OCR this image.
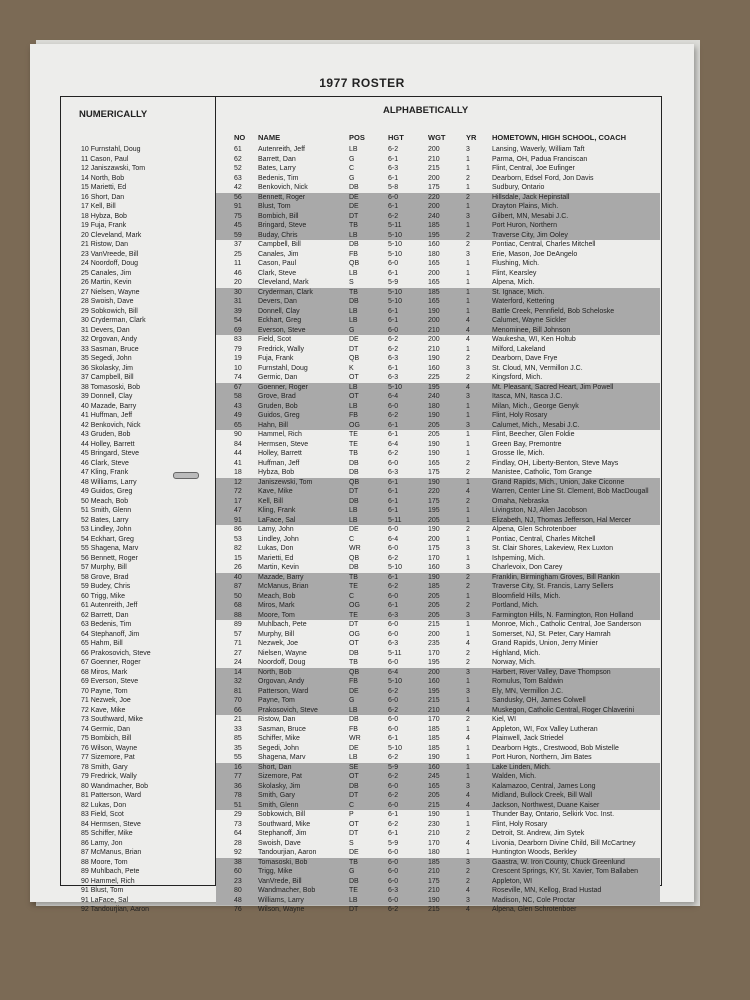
1977 ROSTER
NUMERICALLY	ALPHABETICALLY
NO	NAME	POS	HGT	WGT	YR HOMETOWN, HIGH SCHOOL, COACH
10 Furnstahl, Doug
11 Cason, Paul
12 Janiszawski, Tom
14 North, Bob
15 Marietti, Ed
16 Short, Dan
17 Kell, Bill
18 Hybza, Bob
19 Fuja, Frank
20 Cleveland, Mark
21 Ristow, Dan
23 VanVreede, Bill
24 Noordoff, Doug
25 Canales, Jim
26 Martin, Kevin
27 Nielsen, Wayne
28 Swoish, Dave
29 Sobkowich, Bill
30 Cryderman, Clark
31 Devers, Dan
32 Orgovan, Andy
33 Sasman, Bruce
35 Segedi, John
36 Skolasky, Jim
37 Campbell, Bill
38 Tomasoski, Bob
39 Donnell, Clay
40 Mazade, Barry
41 Huffman, Jeff
42 Benkovich, Nick
43 Gruden, Bob
44 Holley, Barrett
45 Bringard, Steve
46 Clark, Steve
47 Kling, Frank
48 Williams, Larry
49 Guidos, Greg
50 Meach, Bob
51 Smith, Glenn
52 Bates, Larry
53 Lindley, John
54 Eckhart, Greg
55 Shagena, Marv
56 Bennett, Roger
57 Murphy, Bill
58 Grove, Brad
59 Budey, Chris
60 Trigg, Mike
61 Autenreith, Jeff
62 Barrett, Dan
63 Bedenis, Tim
64 Stephanoff, Jim
65 Hahm, Bill
66 Prakosovich, Steve
67 Goenner, Roger
68 Miros, Mark
69 Everson, Steve
70 Payne, Tom
71 Nezwek, Joe
72 Kave, Mike
73 Southward, Mike
74 Germic, Dan
75 Bombich, Bill
76 Wilson, Wayne
77 Sizemore, Pat
78 Smith, Gary
79 Fredrick, Wally
80 Wandmacher, Bob
81 Patterson, Ward
82 Lukas, Don
83 Field, Scot
84 Hermsen, Steve
85 Schiffer, Mike
86 Lamy, Jon
87 McManus, Brian
88 Moore, Tom
89 Muhlbach, Pete
90 Hammel, Rich
91 Blust, Tom
91 LaFace, Sal
92 Tandourjian, Aaron
61	Autenreith, Jeff	LB	6-2	200	3	Lansing, Waverly, William Taft
62	Barrett, Dan	G	6-1	210	1	Parma, OH, Padua Franciscan
52	Bates, Larry	C	6-3	215	1	Flint, Central, Joe Eufinger
63	Bedenis, Tim	G	6-1	200	2	Dearborn, Edsel Ford, Jon Davis
42	Benkovich, Nick	DB	5-8	175	1	Sudbury, Ontario
56	Bennett, Roger	DE	6-0	220	2	Hillsdale, Jack Hepinstall
91	Blust, Tom	DE	6-1	200	1	Drayton Plains, Mich.
75	Bombich, Bill	DT	6-2	240	3	Gilbert, MN, Mesabi J.C.
45	Bringard, Steve	TB	5-11	185	1	Port Huron, Northern
59	Buday, Chris	LB	5-10	195	2	Traverse City, Jim Ooley
37	Campbell, Bill	DB	5-10	160	2	Pontiac, Central, Charles Mitchell
25	Canales, Jim	FB	5-10	180	3	Erie, Mason, Joe DeAngelo
11	Cason, Paul	QB	6-0	165	1	Flushing, Mich.
46	Clark, Steve	LB	6-1	200	1	Flint, Kearsley
20	Cleveland, Mark	S	5-9	165	1	Alpena, Mich.
30	Cryderman, Clark	TB	5-10	185	1	St. Ignace, Mich.
31	Devers, Dan	DB	5-10	165	1	Waterford, Kettering
39	Donnell, Clay	LB	6-1	190	1	Battle Creek, Pennfield, Bob Scheloske
54	Eckhart, Greg	LB	6-1	200	4	Calumet, Wayne Sickler
69	Everson, Steve	G	6-0	210	4	Menominee, Bill Johnson
83	Field, Scot	DE	6-2	200	4	Waukesha, WI, Ken Holtub
79	Fredrick, Wally	DT	6-2	210	1	Milford, Lakeland
19	Fuja, Frank	QB	6-3	190	2	Dearborn, Dave Frye
10	Furnstahl, Doug	K	6-1	160	3	St. Cloud, MN, Vermillon J.C.
74	Germic, Dan	OT	6-3	225	2	Kingsford, Mich.
67	Goenner, Roger	LB	5-10	195	4	Mt. Pleasant, Sacred Heart, Jim Powell
58	Grove, Brad	OT	6-4	240	3	Itasca, MN, Itasca J.C.
43	Gruden, Bob	LB	6-0	180	1	Milan, Mich., George Genyk
49	Guidos, Greg	FB	6-2	190	1	Flint, Holy Rosary
65	Hahn, Bill	OG	6-1	205	3	Calumet, Mich., Mesabi J.C.
90	Hammel, Rich	TE	6-1	205	1	Flint, Beecher, Glen Foldie
84	Hermsen, Steve	TE	6-4	190	1	Green Bay, Premontre
44	Holley, Barrett	TB	6-2	190	1	Grosse Ile, Mich.
41	Huffman, Jeff	DB	6-0	165	2	Findlay, OH, Liberty-Benton, Steve Mays
18	Hybza, Bob	DB	6-3	175	2	Manistee, Catholic, Tom Grange
12	Janiszewski, Tom	QB	6-1	190	1	Grand Rapids, Mich., Union, Jake Ciconne
72	Kave, Mike	DT	6-1	220	4	Warren, Center Line St. Clement, Bob MacDougall
17	Kell, Bill	DB	6-1	175	2	Omaha, Nebraska
47	Kling, Frank	LB	6-1	195	1	Livingston, NJ, Allen Jacobson
91	LaFace, Sal	LB	5-11	205	1	Elizabeth, NJ, Thomas Jefferson, Hal Mercer
86	Lamy, John	DE	6-0	190	2	Alpena, Glen Schrotenboer
53	Lindley, John	C	6-4	200	1	Pontiac, Central, Charles Mitchell
82	Lukas, Don	WR	6-0	175	3	St. Clair Shores, Lakeview, Rex Luxton
15	Marietti, Ed	QB	6-2	170	1	Ishpeming, Mich.
26	Martin, Kevin	DB	5-10	160	3	Charlevoix, Don Carey
40	Mazade, Barry	TB	6-1	190	2	Franklin, Birmingham Groves, Bill Rankin
87	McManus, Brian	TE	6-2	185	2	Traverse City, St. Francis, Larry Sellers
50	Meach, Bob	C	6-0	205	1	Bloomfield Hills, Mich.
68	Miros, Mark	OG	6-1	205	2	Portland, Mich.
88	Moore, Tom	TE	6-3	205	3	Farmington Hills, N. Farmington, Ron Holland
89	Muhlbach, Pete	DT	6-0	215	1	Monroe, Mich., Catholic Central, Joe Sanderson
57	Murphy, Bill	OG	6-0	200	1	Somerset, NJ, St. Peter, Cary Hamrah
71	Nezwek, Joe	OT	6-3	235	4	Grand Rapids, Union, Jerry Minier
27	Nielsen, Wayne	DB	5-11	170	2	Highland, Mich.
24	Noordoff, Doug	TB	6-0	195	2	Norway, Mich.
14	North, Bob	QB	6-4	200	3	Harbert, River Valley, Dave Thompson
32	Orgovan, Andy	FB	5-10	160	1	Romulus, Tom Baldwin
81	Patterson, Ward	DE	6-2	195	3	Ely, MN, Vermillon J.C.
70	Payne, Tom	G	6-0	215	1	Sandusky, OH, James Colwell
66	Prakosovich, Steve	LB	6-2	210	4	Muskegon, Catholic Central, Roger Chlaverini
21	Ristow, Dan	DB	6-0	170	2	Kiel, WI
33	Sasman, Bruce	FB	6-0	185	1	Appleton, WI, Fox Valley Lutheran
85	Schiffer, Mike	WR	6-1	185	4	Plainwell, Jack Striedel
35	Segedi, John	DE	5-10	185	1	Dearborn Hgts., Crestwood, Bob Mistelle
55	Shagena, Marv	LB	6-2	190	1	Port Huron, Northern, Jim Bates
16	Short, Dan	SE	5-9	160	1	Lake Linden, Mich.
77	Sizemore, Pat	OT	6-2	245	1	Walden, Mich.
36	Skolasky, Jim	DB	6-0	165	3	Kalamazoo, Central, James Long
78	Smith, Gary	DT	6-2	205	4	Midland, Bullock Creek, Bill Wall
51	Smith, Glenn	C	6-0	215	4	Jackson, Northwest, Duane Kaiser
29	Sobkowich, Bill	P	6-1	190	1	Thunder Bay, Ontario, Selkirk Voc. Inst.
73	Southward, Mike	OT	6-2	230	1	Flint, Holy Rosary
64	Stephanoff, Jim	DT	6-1	210	2	Detroit, St. Andrew, Jim Sytek
28	Swoish, Dave	S	5-9	170	4	Livonia, Dearborn Divine Child, Bill McCartney
92	Tandourjian, Aaron	DE	6-0	180	1	Huntington Woods, Berkley
38	Tomasoski, Bob	TB	6-0	185	3	Gaastra, W. Iron County, Chuck Greenlund
60	Trigg, Mike	G	6-0	210	2	Crescent Springs, KY, St. Xavier, Tom Ballaben
23	VanVrede, Bill	DB	6-0	175	2	Appleton, WI
80	Wandmacher, Bob	TE	6-3	210	4	Roseville, MN, Kellog, Brad Hustad
48	Williams, Larry	LB	6-0	190	3	Madison, NC, Cole Proctar
76	Wilson, Wayne	DT	6-2	215	4	Alpena, Glen Schrotenboer
